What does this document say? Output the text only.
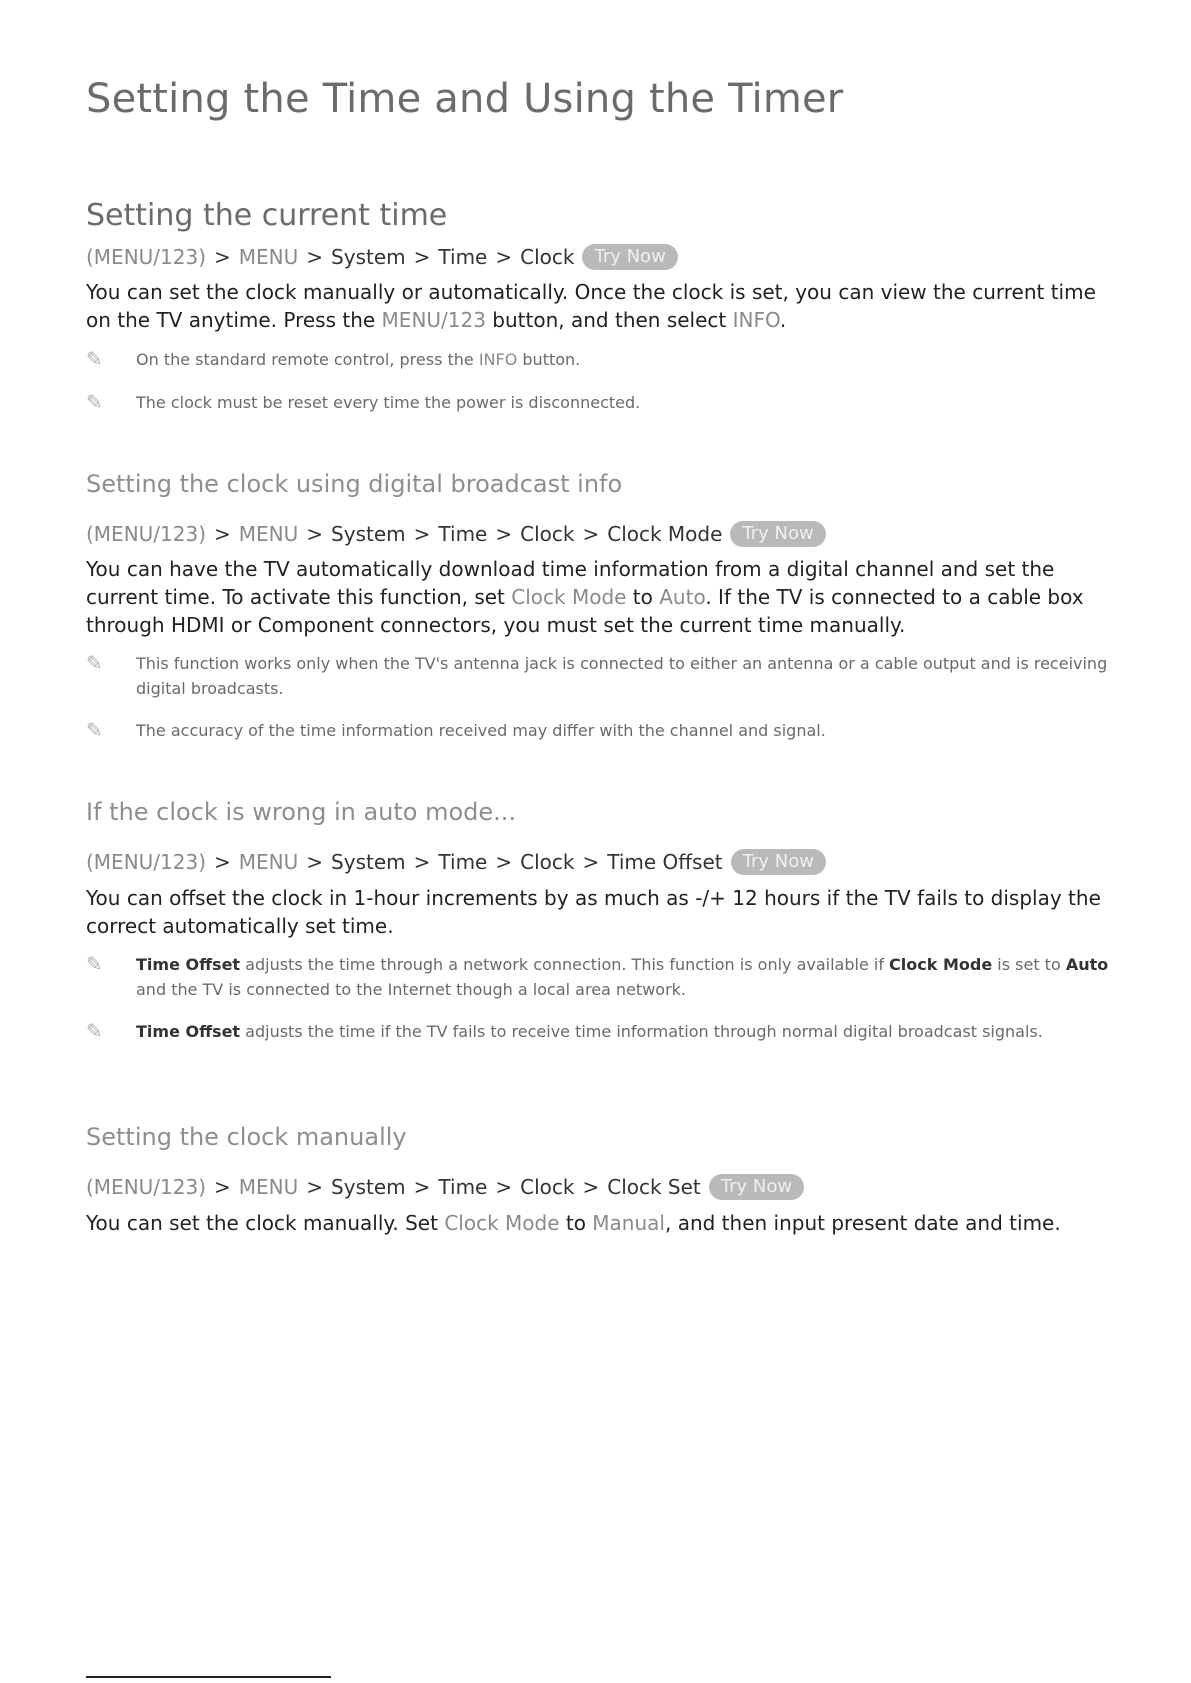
Setting the Time and Using the Timer
Setting the current time
(MENU/123) > MENU > System > Time > Clock	Try Now
You can set the clock manually or automatically. Once the clock is set, you can view the current time on the TV anytime. Press the MENU/123 button, and then select INFO.
✎	On the standard remote control, press the INFO button.
✎	The clock must be reset every time the power is disconnected.
Setting the clock using digital broadcast info
(MENU/123) > MENU > System > Time > Clock > Clock Mode	Try Now
You can have the TV automatically download time information from a digital channel and set the current time. To activate this function, set Clock Mode to Auto. If the TV is connected to a cable box through HDMI or Component connectors, you must set the current time manually.
✎	This function works only when the TV's antenna jack is connected to either an antenna or a cable output and is receiving digital broadcasts.
✎	The accuracy of the time information received may differ with the channel and signal.
If the clock is wrong in auto mode...
(MENU/123) > MENU > System > Time > Clock > Time Offset	Try Now
You can offset the clock in 1-hour increments by as much as -/+ 12 hours if the TV fails to display the correct automatically set time.
✎	Time Offset adjusts the time through a network connection. This function is only available if Clock Mode is set to Auto and the TV is connected to the Internet though a local area network.
✎	Time Offset adjusts the time if the TV fails to receive time information through normal digital broadcast signals.
Setting the clock manually
(MENU/123) > MENU > System > Time > Clock > Clock Set	Try Now
You can set the clock manually. Set Clock Mode to Manual, and then input present date and time.
